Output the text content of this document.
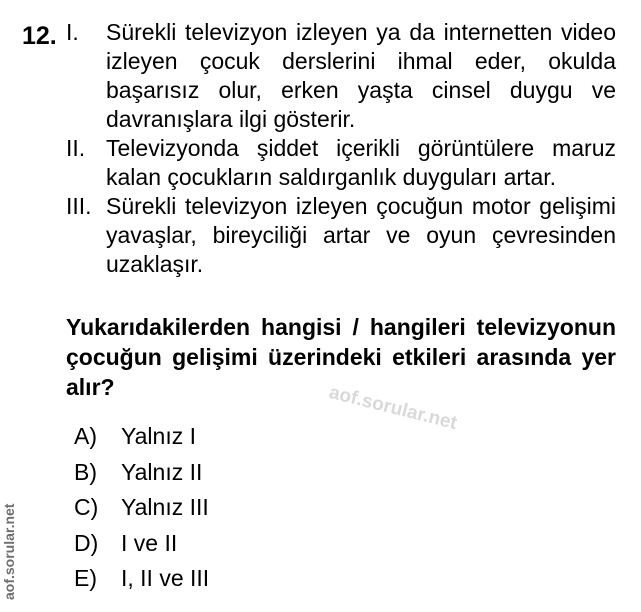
12. I. Sürekli televizyon izleyen ya da internetten video izleyen çocuk derslerini ihmal eder, okulda başarısız olur, erken yaşta cinsel duygu ve davranışlara ilgi gösterir.
II. Televizyonda şiddet içerikli görüntülere maruz kalan çocukların saldırganlık duyguları artar.
III. Sürekli televizyon izleyen çocuğun motor gelişimi yavaşlar, bireyciliği artar ve oyun çevresinden uzaklaşır.
Yukarıdakilerden hangisi / hangileri televizyonun çocuğun gelişimi üzerindeki etkileri arasında yer alır?
A) Yalnız I
B) Yalnız II
C) Yalnız III
D) I ve II
E) I, II ve III
aof.sorular.net
aof.sorular.net
